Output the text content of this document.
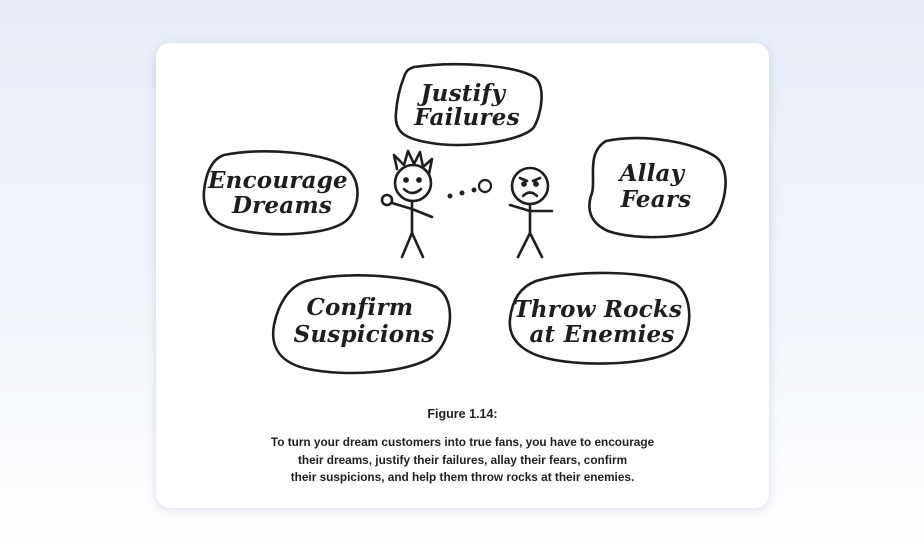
Justify Failures
Encourage Dreams
Allay Fears
Confirm Suspicions
Throw Rocks at Enemies
Figure 1.14:
To turn your dream customers into true fans, you have to encourage
their dreams, justify their failures, allay their fears, confirm
their suspicions, and help them throw rocks at their enemies.
